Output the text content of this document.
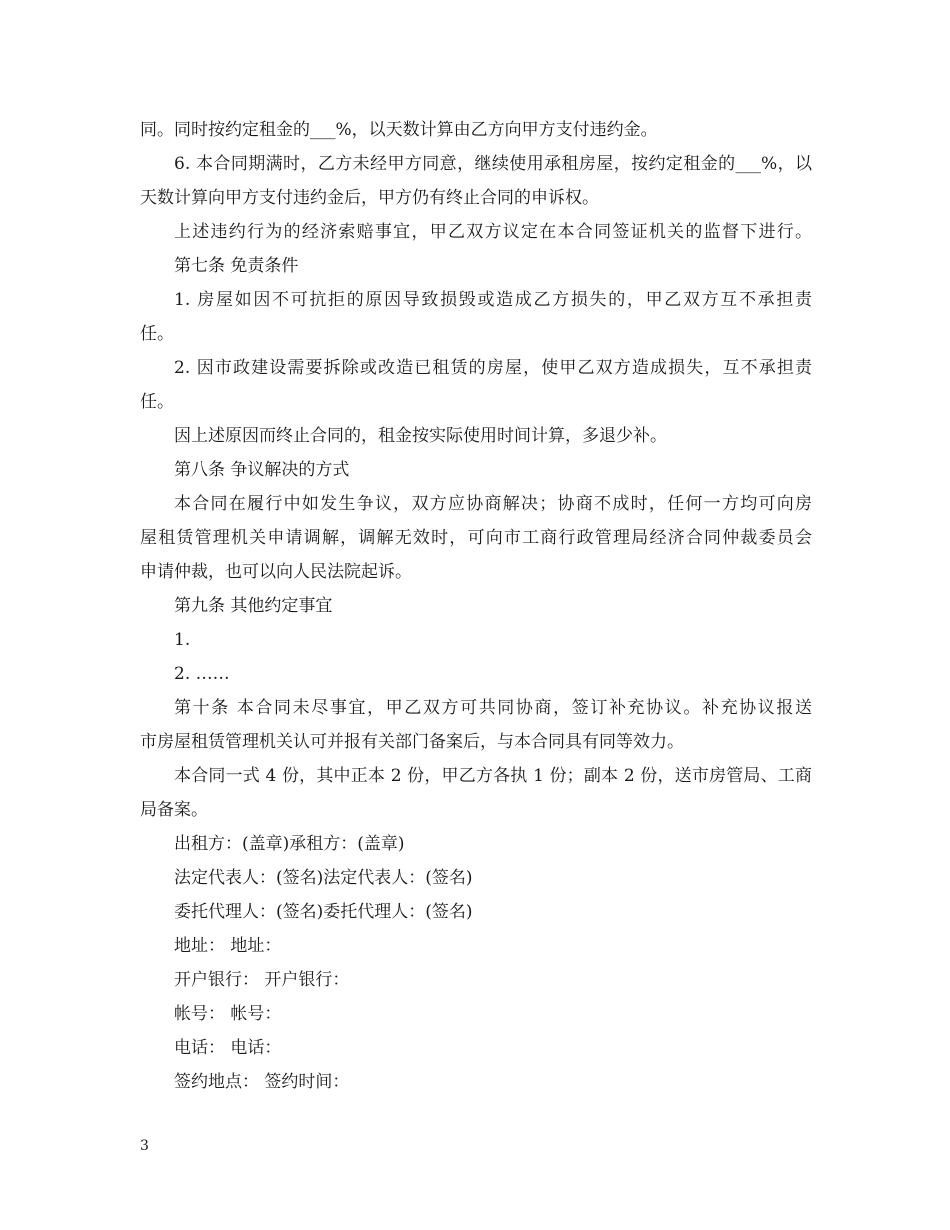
同。同时按约定租金的___%，以天数计算由乙方向甲方支付违约金。
6. 本合同期满时，乙方未经甲方同意，继续使用承租房屋，按约定租金的___%，以
天数计算向甲方支付违约金后，甲方仍有终止合同的申诉权。
上述违约行为的经济索赔事宜，甲乙双方议定在本合同签证机关的监督下进行。
第七条 免责条件
1. 房屋如因不可抗拒的原因导致损毁或造成乙方损失的，甲乙双方互不承担责
任。
2. 因市政建设需要拆除或改造已租赁的房屋，使甲乙双方造成损失，互不承担责
任。
因上述原因而终止合同的，租金按实际使用时间计算，多退少补。
第八条 争议解决的方式
本合同在履行中如发生争议，双方应协商解决；协商不成时，任何一方均可向房
屋租赁管理机关申请调解，调解无效时，可向市工商行政管理局经济合同仲裁委员会
申请仲裁，也可以向人民法院起诉。
第九条 其他约定事宜
1.
2. ……
第十条 本合同未尽事宜，甲乙双方可共同协商，签订补充协议。补充协议报送
市房屋租赁管理机关认可并报有关部门备案后，与本合同具有同等效力。
本合同一式 4 份，其中正本 2 份，甲乙方各执 1 份；副本 2 份，送市房管局、工商
局备案。
出租方：(盖章)承租方：(盖章)
法定代表人：(签名)法定代表人：(签名)
委托代理人：(签名)委托代理人：(签名)
地址： 地址：
开户银行： 开户银行：
帐号： 帐号：
电话： 电话：
签约地点： 签约时间：
3
